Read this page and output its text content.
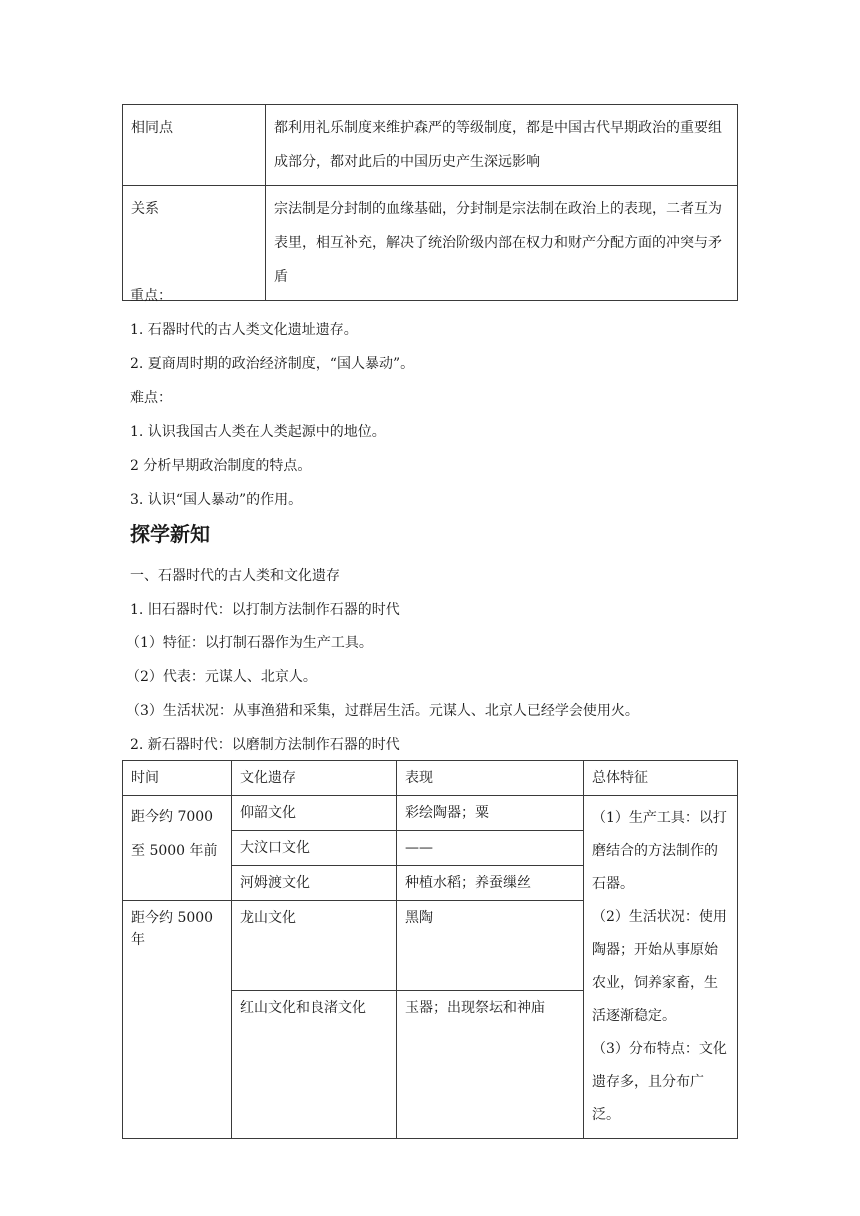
相同点	都利用礼乐制度来维护森严的等级制度，都是中国古代早期政治的重要组成部分，都对此后的中国历史产生深远影响
关系	宗法制是分封制的血缘基础，分封制是宗法制在政治上的表现，二者互为表里，相互补充，解决了统治阶级内部在权力和财产分配方面的冲突与矛盾
重点：
1. 石器时代的古人类文化遗址遗存。
2. 夏商周时期的政治经济制度，“国人暴动”。
难点：
1. 认识我国古人类在人类起源中的地位。
2 分析早期政治制度的特点。
3. 认识“国人暴动”的作用。
探学新知
一、石器时代的古人类和文化遗存
1. 旧石器时代：以打制方法制作石器的时代
（1）特征：以打制石器作为生产工具。
（2）代表：元谋人、北京人。
（3）生活状况：从事渔猎和采集，过群居生活。元谋人、北京人已经学会使用火。
2. 新石器时代：以磨制方法制作石器的时代
时间	文化遗存	表现	总体特征
距今约 7000 至 5000 年前	仰韶文化	彩绘陶器；粟	（1）生产工具：以打磨结合的方法制作的石器。
（2）生活状况：使用陶器；开始从事原始农业，饲养家畜，生活逐渐稳定。
（3）分布特点：文化遗存多，且分布广泛。

	大汶口文化	——	
	河姆渡文化	种植水稻；养蚕缫丝	
距今约 5000 年	龙山文化	黑陶	
	红山文化和良渚文化	玉器；出现祭坛和神庙	
